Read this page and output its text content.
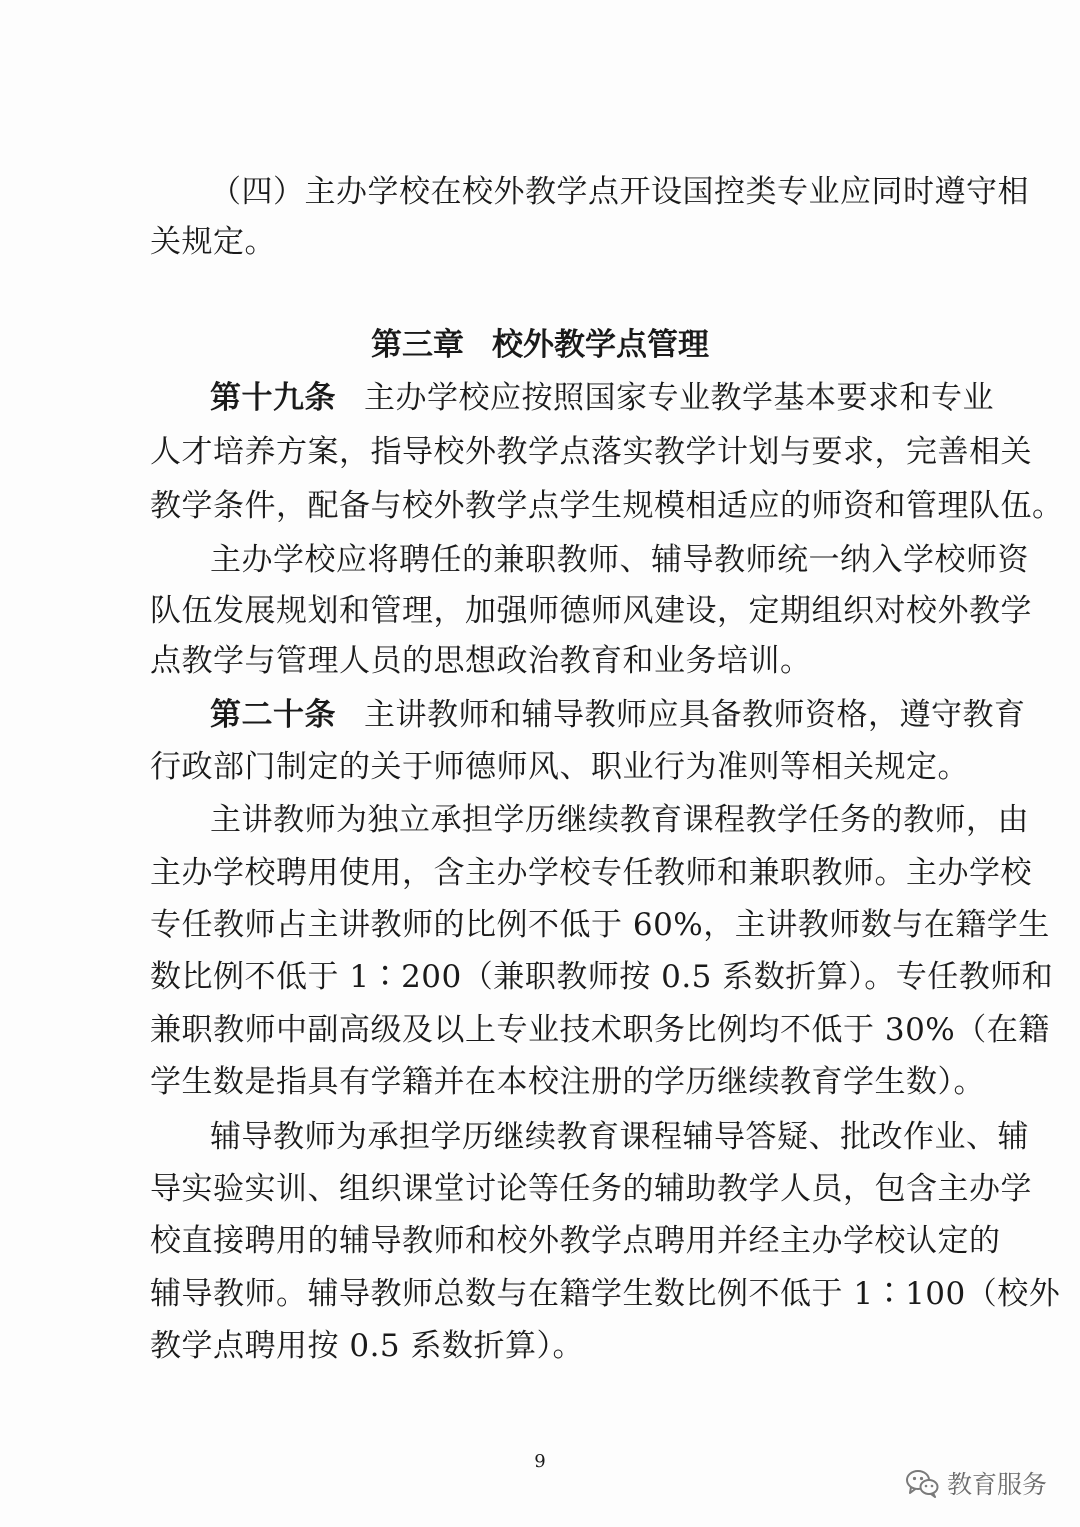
（四）主办学校在校外教学点开设国控类专业应同时遵守相
关规定。
第三章 校外教学点管理
第十九条 主办学校应按照国家专业教学基本要求和专业
人才培养方案，指导校外教学点落实教学计划与要求，完善相关
教学条件，配备与校外教学点学生规模相适应的师资和管理队伍。
主办学校应将聘任的兼职教师、辅导教师统一纳入学校师资
队伍发展规划和管理，加强师德师风建设，定期组织对校外教学
点教学与管理人员的思想政治教育和业务培训。
第二十条 主讲教师和辅导教师应具备教师资格，遵守教育
行政部门制定的关于师德师风、职业行为准则等相关规定。
主讲教师为独立承担学历继续教育课程教学任务的教师，由
主办学校聘用使用，含主办学校专任教师和兼职教师。主办学校
专任教师占主讲教师的比例不低于 60%，主讲教师数与在籍学生
数比例不低于 1∶200（兼职教师按 0.5 系数折算）。专任教师和
兼职教师中副高级及以上专业技术职务比例均不低于 30%（在籍
学生数是指具有学籍并在本校注册的学历继续教育学生数）。
辅导教师为承担学历继续教育课程辅导答疑、批改作业、辅
导实验实训、组织课堂讨论等任务的辅助教学人员，包含主办学
校直接聘用的辅导教师和校外教学点聘用并经主办学校认定的
辅导教师。辅导教师总数与在籍学生数比例不低于 1∶100（校外
教学点聘用按 0.5 系数折算）。
9
教育服务
